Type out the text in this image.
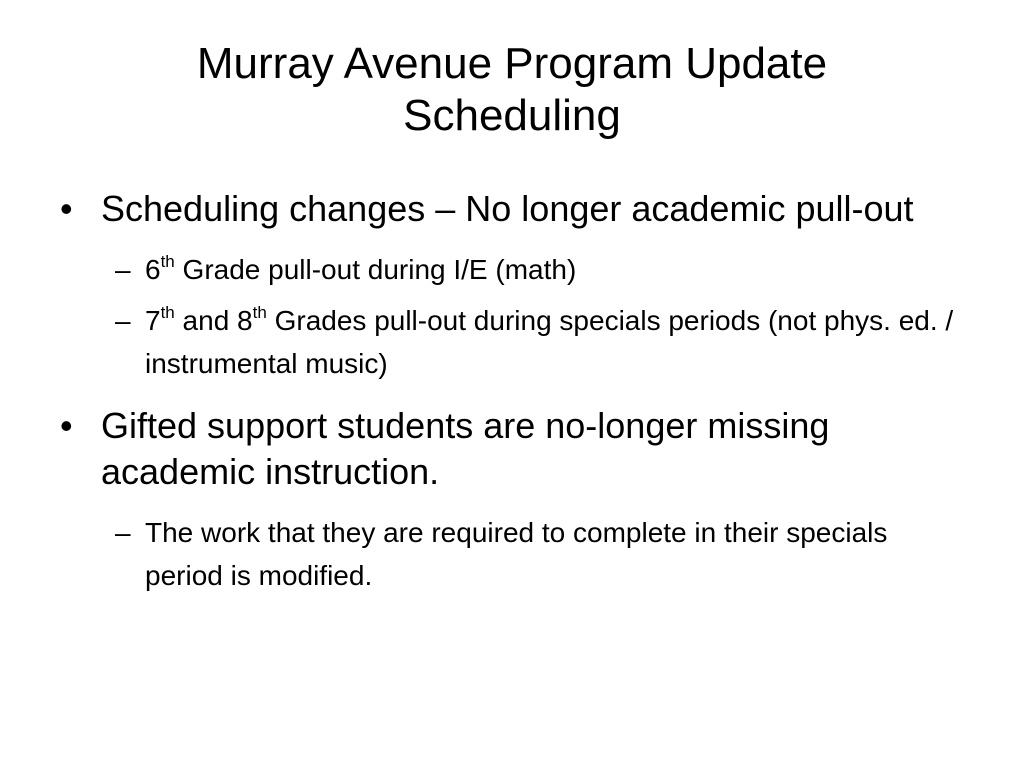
Murray Avenue Program Update
Scheduling
• Scheduling changes – No longer academic pull-out
– 6th Grade pull-out during I/E (math)
– 7th and 8th Grades pull-out during specials periods (not phys. ed. / instrumental music)
• Gifted support students are no-longer missing academic instruction.
– The work that they are required to complete in their specials period is modified.
